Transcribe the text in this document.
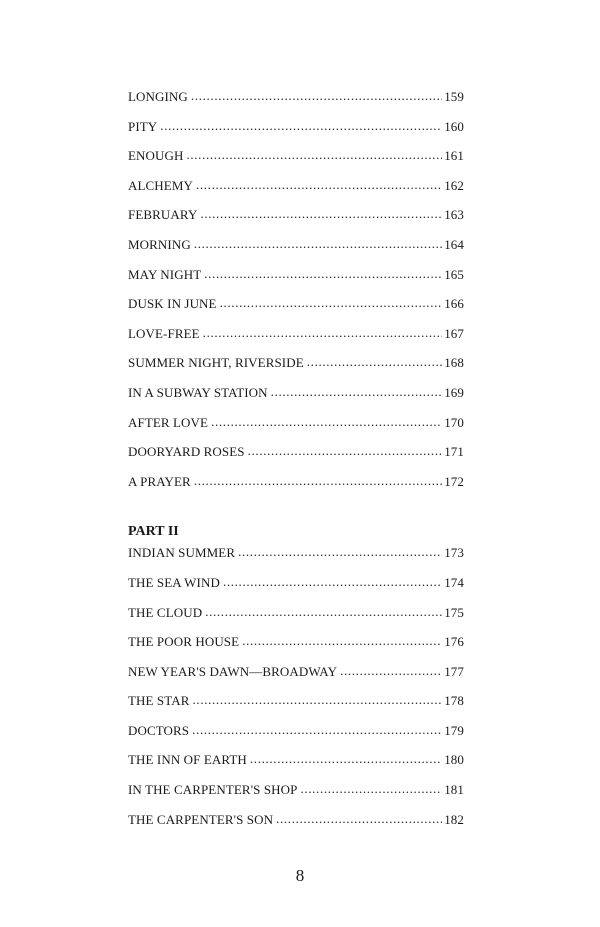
LONGING . . .	159
PITY . . .	160
ENOUGH . . .	161
ALCHEMY . . .	162
FEBRUARY . . .	163
MORNING . . .	164
MAY NIGHT . . .	165
DUSK IN JUNE . . .	166
LOVE-FREE . . .	167
SUMMER NIGHT, RIVERSIDE . . .	168
IN A SUBWAY STATION . . .	169
AFTER LOVE . . .	170
DOORYARD ROSES . . .	171
A PRAYER . . .	172
PART II
INDIAN SUMMER . . .	173
THE SEA WIND . . .	174
THE CLOUD . . .	175
THE POOR HOUSE . . .	176
NEW YEAR'S DAWN—BROADWAY . . .	177
THE STAR . . .	178
DOCTORS . . .	179
THE INN OF EARTH . . .	180
IN THE CARPENTER'S SHOP . . .	181
THE CARPENTER'S SON . . .	182
8
